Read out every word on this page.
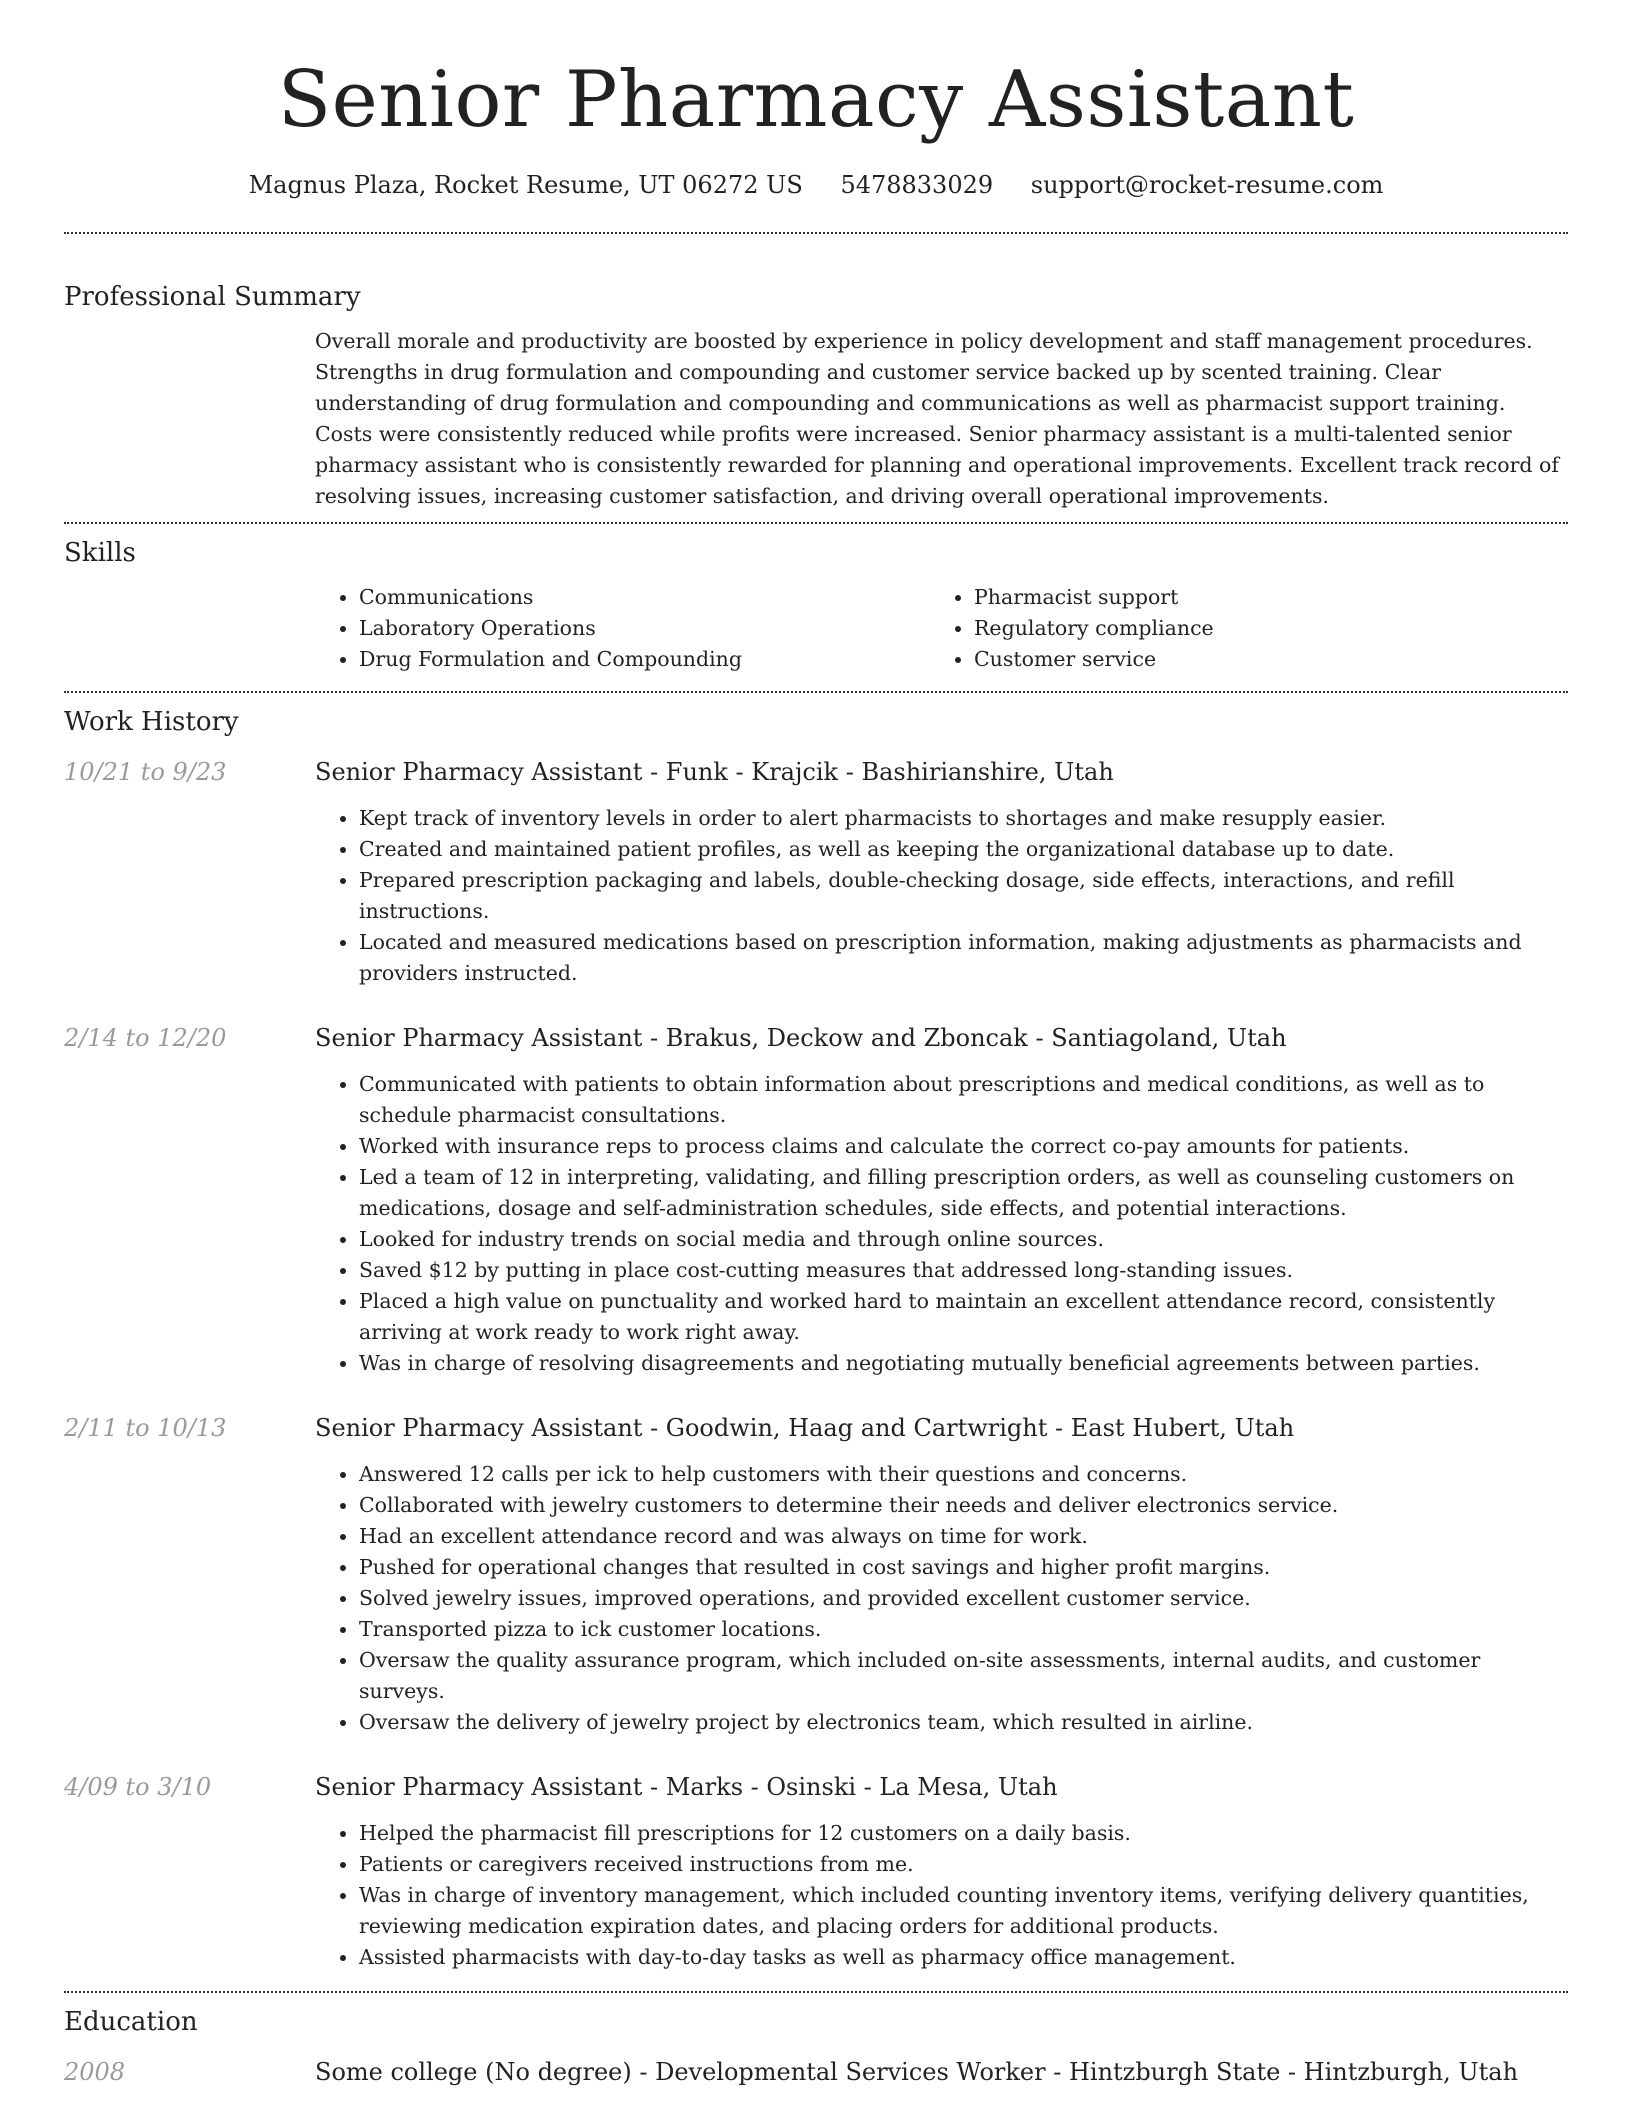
Senior Pharmacy Assistant
Magnus Plaza, Rocket Resume, UT 06272 US 5478833029 support@rocket-resume.com
Professional Summary

Overall morale and productivity are boosted by experience in policy development and staff management procedures. Strengths in drug formulation and compounding and customer service backed up by scented training. Clear understanding of drug formulation and compounding and communications as well as pharmacist support training. Costs were consistently reduced while profits were increased. Senior pharmacy assistant is a multi-talented senior pharmacy assistant who is consistently rewarded for planning and operational improvements. Excellent track record of resolving issues, increasing customer satisfaction, and driving overall operational improvements.

Skills
• Communications
• Laboratory Operations
• Drug Formulation and Compounding
• Pharmacist support
• Regulatory compliance
• Customer service
Work History
10/21 to 9/23	Senior Pharmacy Assistant - Funk - Krajcik - Bashirianshire, Utah
• Kept track of inventory levels in order to alert pharmacists to shortages and make resupply easier.
• Created and maintained patient profiles, as well as keeping the organizational database up to date.
• Prepared prescription packaging and labels, double-checking dosage, side effects, interactions, and refill instructions.
• Located and measured medications based on prescription information, making adjustments as pharmacists and providers instructed.
2/14 to 12/20	Senior Pharmacy Assistant - Brakus, Deckow and Zboncak - Santiagoland, Utah
• Communicated with patients to obtain information about prescriptions and medical conditions, as well as to schedule pharmacist consultations.
• Worked with insurance reps to process claims and calculate the correct co-pay amounts for patients.
• Led a team of 12 in interpreting, validating, and filling prescription orders, as well as counseling customers on medications, dosage and self-administration schedules, side effects, and potential interactions.
• Looked for industry trends on social media and through online sources.
• Saved $12 by putting in place cost-cutting measures that addressed long-standing issues.
• Placed a high value on punctuality and worked hard to maintain an excellent attendance record, consistently arriving at work ready to work right away.
• Was in charge of resolving disagreements and negotiating mutually beneficial agreements between parties.
2/11 to 10/13	Senior Pharmacy Assistant - Goodwin, Haag and Cartwright - East Hubert, Utah
• Answered 12 calls per ick to help customers with their questions and concerns.
• Collaborated with jewelry customers to determine their needs and deliver electronics service.
• Had an excellent attendance record and was always on time for work.
• Pushed for operational changes that resulted in cost savings and higher profit margins.
• Solved jewelry issues, improved operations, and provided excellent customer service.
• Transported pizza to ick customer locations.
• Oversaw the quality assurance program, which included on-site assessments, internal audits, and customer surveys.
• Oversaw the delivery of jewelry project by electronics team, which resulted in airline.
4/09 to 3/10	Senior Pharmacy Assistant - Marks - Osinski - La Mesa, Utah
• Helped the pharmacist fill prescriptions for 12 customers on a daily basis.
• Patients or caregivers received instructions from me.
• Was in charge of inventory management, which included counting inventory items, verifying delivery quantities, reviewing medication expiration dates, and placing orders for additional products.
• Assisted pharmacists with day-to-day tasks as well as pharmacy office management.
Education
2008	Some college (No degree) - Developmental Services Worker - Hintzburgh State - Hintzburgh, Utah
